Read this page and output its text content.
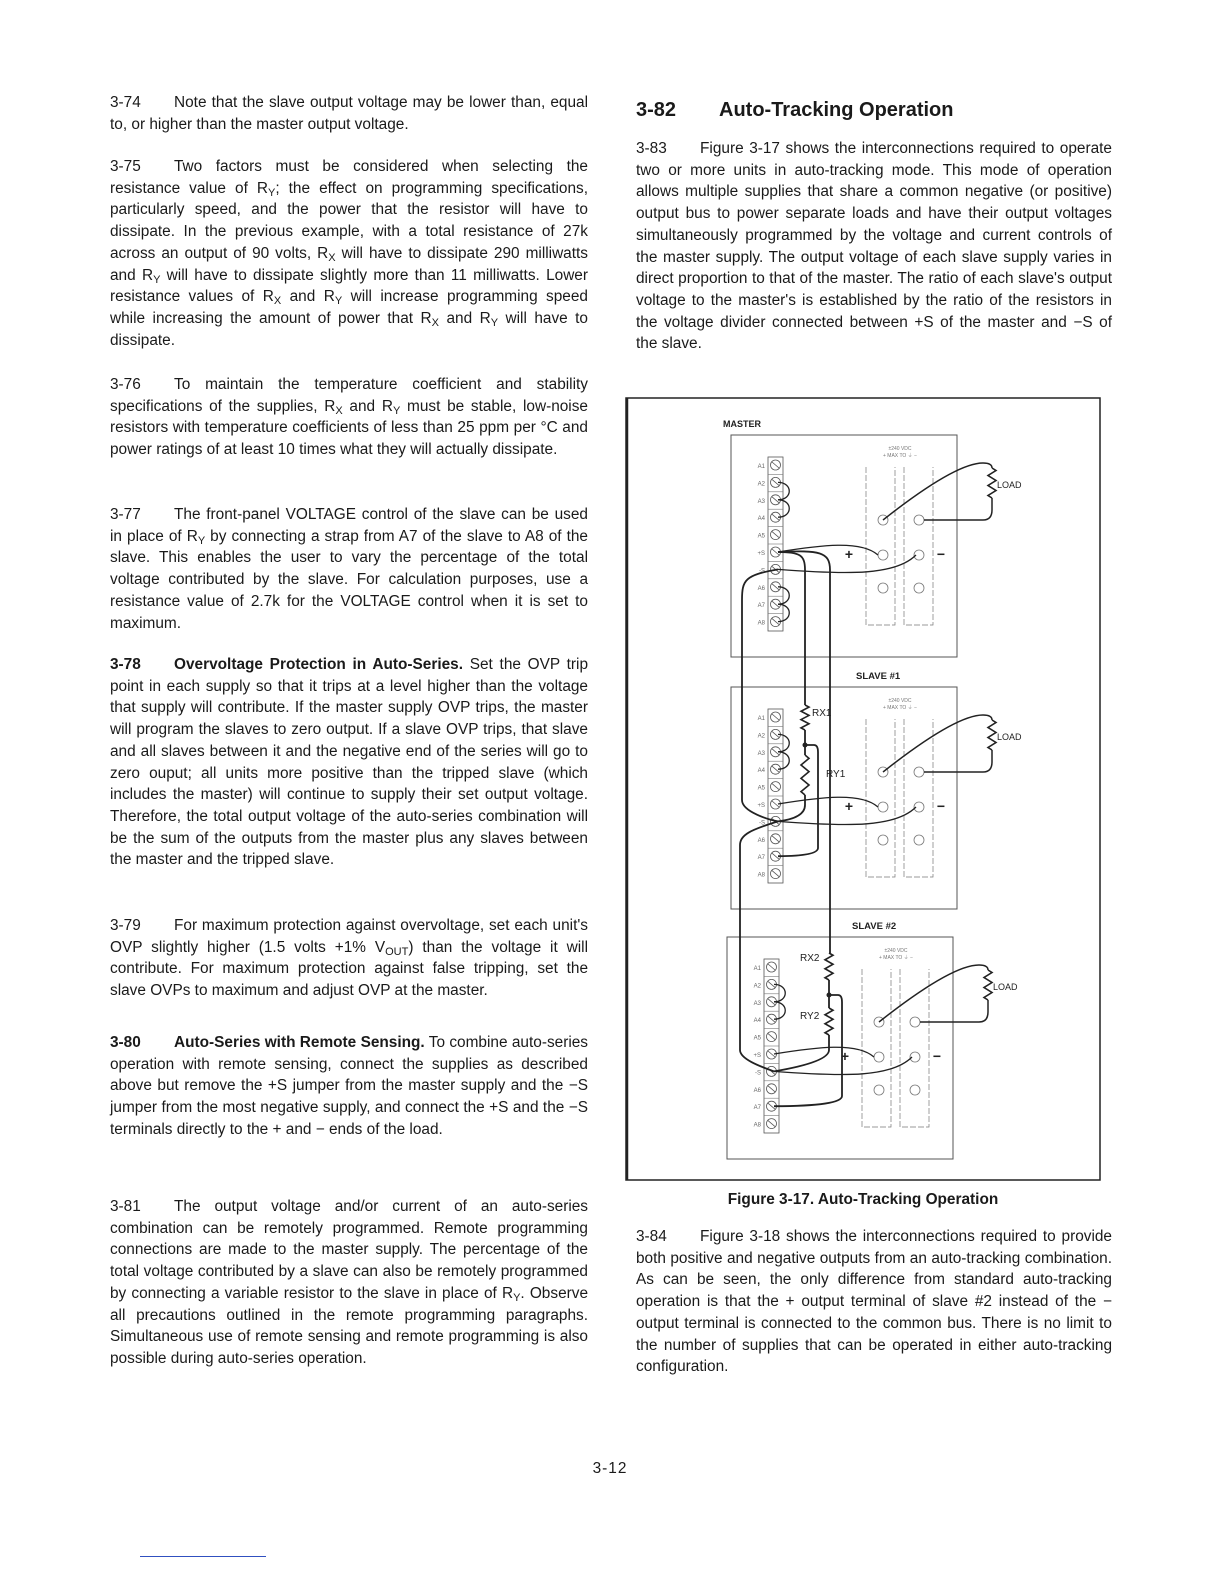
3-82 Auto-Tracking Operation
MASTER
A1
A2
A3
A4
A5
+S
-S
A6
A7
A8
±240 VDC
+ MAX TO ⏚ −
+	−
LOAD
SLAVE #1
A1
A2
A3
A4
A5
+S
-S
A6
A7
A8
±240 VDC
+ MAX TO ⏚ −
+	−
LOAD
SLAVE #2
A1
A2
A3
A4
A5
+S
-S
A6
A7
A8
±240 VDC
+ MAX TO ⏚ −
+	−
LOAD
RX1
RY1
RX2
RY2
Figure 3-17. Auto-Tracking Operation
3-12

3-74 Note that the slave output voltage may be lower than, equal to, or higher than the master output voltage.

3-75 Two factors must be considered when selecting the resistance value of $R_Y$; the effect on programming specifications, particularly speed, and the power that the resistor will have to dissipate. In the previous example, with a total resistance of 27k across an output of 90 volts, $R_X$ will have to dissipate 290 milliwatts and $R_Y$ will have to dissipate slightly more than 11 milliwatts. Lower resistance values of $R_X$ and $R_Y$ will increase programming speed while increasing the amount of power that $R_X$ and $R_Y$ will have to dissipate.

3-76 To maintain the temperature coefficient and stability specifications of the supplies, $R_X$ and $R_Y$ must be stable, low-noise resistors with temperature coefficients of less than 25 ppm per °C and power ratings of at least 10 times what they will actually dissipate.

3-77 The front-panel VOLTAGE control of the slave can be used in place of $R_Y$ by connecting a strap from A7 of the slave to A8 of the slave. This enables the user to vary the percentage of the total voltage contributed by the slave. For calculation purposes, use a resistance value of 2.7k for the VOLTAGE control when it is set to maximum.

3-78 Overvoltage Protection in Auto-Series. Set the OVP trip point in each supply so that it trips at a level higher than the voltage that supply will contribute. If the master supply OVP trips, the master will program the slaves to zero output. If a slave OVP trips, that slave and all slaves between it and the negative end of the series will go to zero ouput; all units more positive than the tripped slave (which includes the master) will continue to supply their set output voltage. Therefore, the total output voltage of the auto-series combination will be the sum of the outputs from the master plus any slaves between the master and the tripped slave.

3-79 For maximum protection against overvoltage, set each unit's OVP slightly higher (1.5 volts +1% $V_{OUT}$) than the voltage it will contribute. For maximum protection against false tripping, set the slave OVPs to maximum and adjust OVP at the master.

3-80 Auto-Series with Remote Sensing. To combine auto-series operation with remote sensing, connect the supplies as described above but remove the +S jumper from the master supply and the −S jumper from the most negative supply, and connect the +S and the −S terminals directly to the + and − ends of the load.

3-81 The output voltage and/or current of an auto-series combination can be remotely programmed. Remote programming connections are made to the master supply. The percentage of the total voltage contributed by a slave can also be remotely programmed by connecting a variable resistor to the slave in place of $R_Y$. Observe all precautions outlined in the remote programming paragraphs. Simultaneous use of remote sensing and remote programming is also possible during auto-series operation.

3-83 Figure 3-17 shows the interconnections required to operate two or more units in auto-tracking mode. This mode of operation allows multiple supplies that share a common negative (or positive) output bus to power separate loads and have their output voltages simultaneously programmed by the voltage and current controls of the master supply. The output voltage of each slave supply varies in direct proportion to that of the master. The ratio of each slave's output voltage to the master's is established by the ratio of the resistors in the voltage divider connected between +S of the master and −S of the slave.

3-84 Figure 3-18 shows the interconnections required to provide both positive and negative outputs from an auto-tracking combination. As can be seen, the only difference from standard auto-tracking operation is that the + output terminal of slave #2 instead of the − output terminal is connected to the common bus. There is no limit to the number of supplies that can be operated in either auto-tracking configuration.
